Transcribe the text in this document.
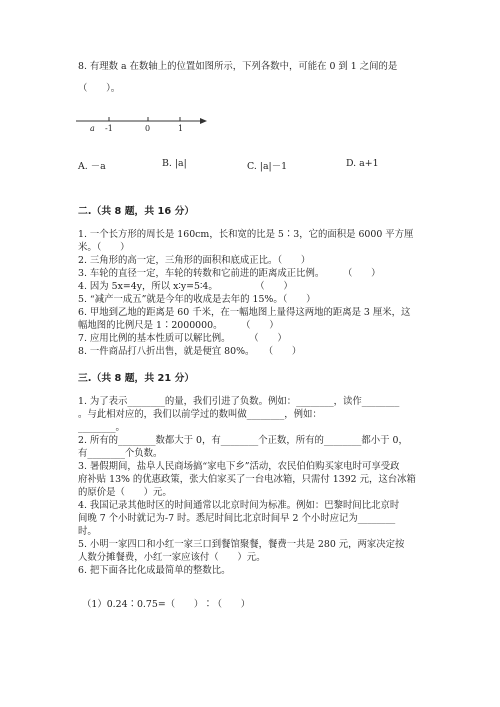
8. 有理数 a 在数轴上的位置如图所示，下列各数中，可能在 0 到 1 之间的是
（　　）。
a -1	0	1
A. －a	B. |a|	C. |a|－1	D. a+1
二.（共 8 题，共 16 分）
1. 一个长方形的周长是 160cm，长和宽的比是 5∶3，它的面积是 6000 平方厘
米。（　　）
2. 三角形的高一定，三角形的面积和底成正比。（　　）
3. 车轮的直径一定，车轮的转数和它前进的距离成正比例。　　　（　　）
4. 因为 5x=4y，所以 x∶y=5∶4。　　　　　（　　）
5. “减产一成五”就是今年的收成是去年的 15%。（　　）
6. 甲地到乙地的距离是 60 千米，在一幅地图上量得这两地的距离是 3 厘米，这
幅地图的比例尺是 1∶2000000。　　　（　　）
7. 应用比例的基本性质可以解比例。　　　（　　）
8. 一件商品打八折出售，就是便宜 80%。　　（　　）
三.（共 8 题，共 21 分）
1. 为了表示________的量，我们引进了负数。例如：________，读作________
。与此相对应的，我们以前学过的数叫做________，例如：
________。
2. 所有的________数都大于 0，有________个正数，所有的________都小于 0，
有________个负数。
3. 暑假期间，盐阜人民商场搞“家电下乡”活动，农民伯伯购买家电时可享受政
府补贴 13% 的优惠政策，张大伯家买了一台电冰箱，只需付 1392 元，这台冰箱
的原价是（　　）元。
4. 我国记录其他时区的时间通常以北京时间为标准。例如：巴黎时间比北京时
间晚 7 个小时就记为-7 时。悉尼时间比北京时间早 2 个小时应记为________
时。
5. 小明一家四口和小红一家三口到餐馆聚餐，餐费一共是 280 元，两家决定按
人数分摊餐费，小红一家应该付（　　）元。
6. 把下面各比化成最简单的整数比。
（1）0.24∶0.75=（　　）∶（　　）
